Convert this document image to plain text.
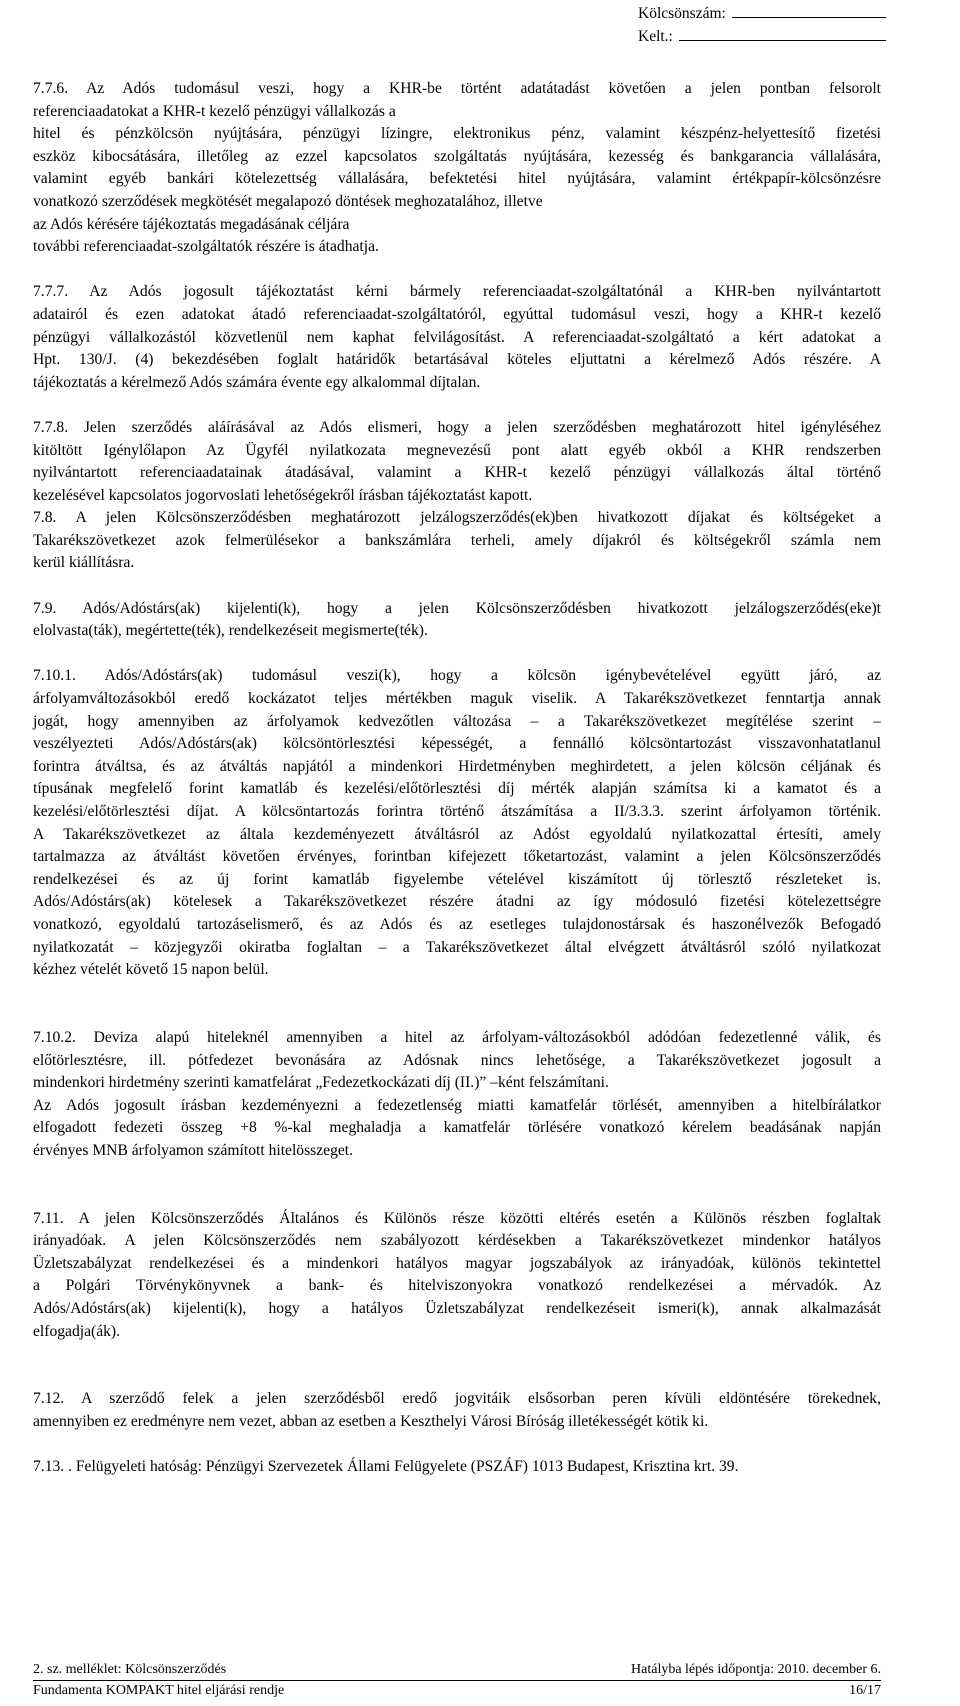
Kölcsönszám:
Kelt.:

7.7.6. Az Adós tudomásul veszi, hogy a KHR-be történt adatátadást követően a jelen pontban felsorolt
referenciaadatokat a KHR-t kezelő pénzügyi vállalkozás a
hitel és pénzkölcsön nyújtására, pénzügyi lízingre, elektronikus pénz, valamint készpénz-helyettesítő fizetési
eszköz kibocsátására, illetőleg az ezzel kapcsolatos szolgáltatás nyújtására, kezesség és bankgarancia vállalására,
valamint egyéb bankári kötelezettség vállalására, befektetési hitel nyújtására, valamint értékpapír-kölcsönzésre
vonatkozó szerződések megkötését megalapozó döntések meghozatalához, illetve
az Adós kérésére tájékoztatás megadásának céljára
további referenciaadat-szolgáltatók részére is átadhatja.

7.7.7. Az Adós jogosult tájékoztatást kérni bármely referenciaadat-szolgáltatónál a KHR-ben nyilvántartott
adatairól és ezen adatokat átadó referenciaadat-szolgáltatóról, egyúttal tudomásul veszi, hogy a KHR-t kezelő
pénzügyi vállalkozástól közvetlenül nem kaphat felvilágosítást. A referenciaadat-szolgáltató a kért adatokat a
Hpt. 130/J. (4) bekezdésében foglalt határidők betartásával köteles eljuttatni a kérelmező Adós részére. A
tájékoztatás a kérelmező Adós számára évente egy alkalommal díjtalan.

7.7.8. Jelen szerződés aláírásával az Adós elismeri, hogy a jelen szerződésben meghatározott hitel igényléséhez
kitöltött Igénylőlapon Az Ügyfél nyilatkozata megnevezésű pont alatt egyéb okból a KHR rendszerben
nyilvántartott referenciaadatainak átadásával, valamint a KHR-t kezelő pénzügyi vállalkozás által történő
kezelésével kapcsolatos jogorvoslati lehetőségekről írásban tájékoztatást kapott.
7.8. A jelen Kölcsönszerződésben meghatározott jelzálogszerződés(ek)ben hivatkozott díjakat és költségeket a
Takarékszövetkezet azok felmerülésekor a bankszámlára terheli, amely díjakról és költségekről számla nem
kerül kiállításra.

7.9. Adós/Adóstárs(ak) kijelenti(k), hogy a jelen Kölcsönszerződésben hivatkozott jelzálogszerződés(eke)t
elolvasta(ták), megértette(ték), rendelkezéseit megismerte(ték).

7.10.1. Adós/Adóstárs(ak) tudomásul veszi(k), hogy a kölcsön igénybevételével együtt járó, az
árfolyamváltozásokból eredő kockázatot teljes mértékben maguk viselik. A Takarékszövetkezet fenntartja annak
jogát, hogy amennyiben az árfolyamok kedvezőtlen változása – a Takarékszövetkezet megítélése szerint –
veszélyezteti Adós/Adóstárs(ak) kölcsöntörlesztési képességét, a fennálló kölcsöntartozást visszavonhatatlanul
forintra átváltsa, és az átváltás napjától a mindenkori Hirdetményben meghirdetett, a jelen kölcsön céljának és
típusának megfelelő forint kamatláb és kezelési/előtörlesztési díj mérték alapján számítsa ki a kamatot és a
kezelési/előtörlesztési díjat. A kölcsöntartozás forintra történő átszámítása a II/3.3.3. szerint árfolyamon történik.
A Takarékszövetkezet az általa kezdeményezett átváltásról az Adóst egyoldalú nyilatkozattal értesíti, amely
tartalmazza az átváltást követően érvényes, forintban kifejezett tőketartozást, valamint a jelen Kölcsönszerződés
rendelkezései és az új forint kamatláb figyelembe vételével kiszámított új törlesztő részleteket is.
Adós/Adóstárs(ak) kötelesek a Takarékszövetkezet részére átadni az így módosuló fizetési kötelezettségre
vonatkozó, egyoldalú tartozáselismerő, és az Adós és az esetleges tulajdonostársak és haszonélvezők Befogadó
nyilatkozatát – közjegyzői okiratba foglaltan – a Takarékszövetkezet által elvégzett átváltásról szóló nyilatkozat
kézhez vételét követő 15 napon belül.

7.10.2. Deviza alapú hiteleknél amennyiben a hitel az árfolyam-változásokból adódóan fedezetlenné válik, és
előtörlesztésre, ill. pótfedezet bevonására az Adósnak nincs lehetősége, a Takarékszövetkezet jogosult a
mindenkori hirdetmény szerinti kamatfelárat „Fedezetkockázati díj (II.)” –ként felszámítani.
Az Adós jogosult írásban kezdeményezni a fedezetlenség miatti kamatfelár törlését, amennyiben a hitelbírálatkor
elfogadott fedezeti összeg +8 %-kal meghaladja a kamatfelár törlésére vonatkozó kérelem beadásának napján
érvényes MNB árfolyamon számított hitelösszeget.

7.11. A jelen Kölcsönszerződés Általános és Különös része közötti eltérés esetén a Különös részben foglaltak
irányadóak. A jelen Kölcsönszerződés nem szabályozott kérdésekben a Takarékszövetkezet mindenkor hatályos
Üzletszabályzat rendelkezései és a mindenkori hatályos magyar jogszabályok az irányadóak, különös tekintettel
a Polgári Törvénykönyvnek a bank- és hitelviszonyokra vonatkozó rendelkezései a mérvadók. Az
Adós/Adóstárs(ak) kijelenti(k), hogy a hatályos Üzletszabályzat rendelkezéseit ismeri(k), annak alkalmazását
elfogadja(ák).

7.12. A szerződő felek a jelen szerződésből eredő jogvitáik elsősorban peren kívüli eldöntésére törekednek,
amennyiben ez eredményre nem vezet, abban az esetben a Keszthelyi Városi Bíróság illetékességét kötik ki.

7.13. . Felügyeleti hatóság: Pénzügyi Szervezetek Állami Felügyelete (PSZÁF) 1013 Budapest, Krisztina krt. 39.

2. sz. melléklet: Kölcsönszerződés	Hatályba lépés időpontja: 2010. december 6.
Fundamenta KOMPAKT hitel eljárási rendje	16/17
